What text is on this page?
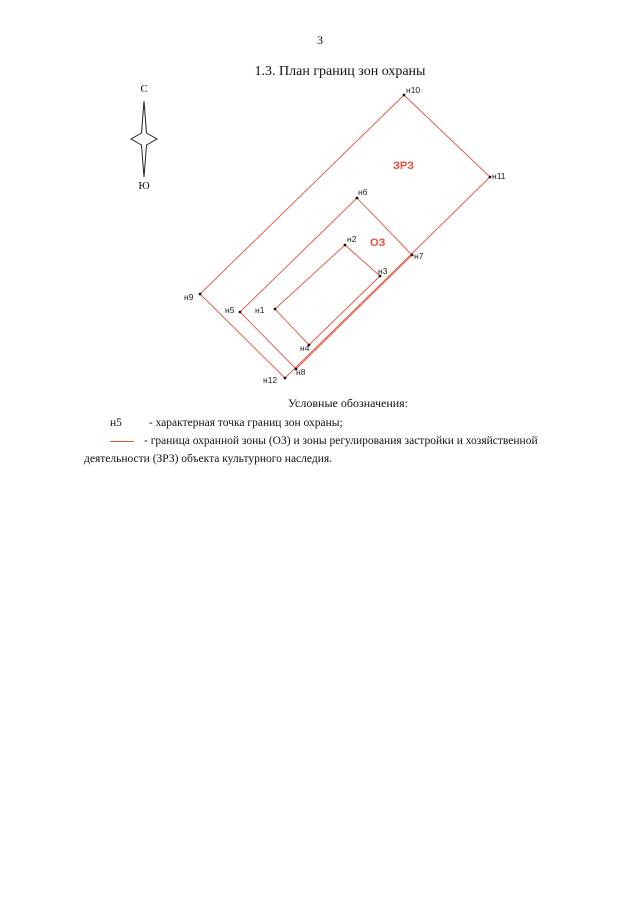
3
1.3. План границ зон охраны
С
Ю
н10
н11
н12
н9
н6
н7
н8
н5
н2
н3
н4
н1
ЗРЗ
ОЗ
Условные обозначения:
н5 - характерная точка границ зон охраны;
- граница охранной зоны (ОЗ) и зоны регулирования застройки и хозяйственной
деятельности (ЗРЗ) объекта культурного наследия.
